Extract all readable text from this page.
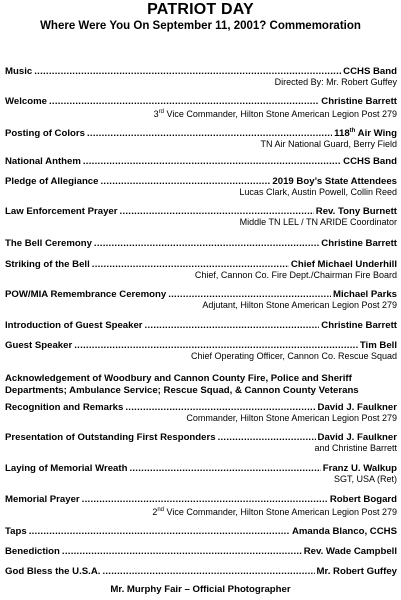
PATRIOT DAY
Where Were You On September 11, 2001? Commemoration
Music . . .	CCHS Band
Directed By: Mr. Robert Guffey
Welcome . . .	Christine Barrett
3rd Vice Commander, Hilton Stone American Legion Post 279
Posting of Colors . . .	118th Air Wing
TN Air National Guard, Berry Field
National Anthem . . .	CCHS Band
Pledge of Allegiance . . .	2019 Boy’s State Attendees
Lucas Clark, Austin Powell, Collin Reed
Law Enforcement Prayer . . .	Rev. Tony Burnett
Middle TN LEL / TN ARIDE Coordinator
The Bell Ceremony . . .	Christine Barrett
Striking of the Bell . . .	Chief Michael Underhill
Chief, Cannon Co. Fire Dept./Chairman Fire Board
POW/MIA Remembrance Ceremony . . .	Michael Parks
Adjutant, Hilton Stone American Legion Post 279
Introduction of Guest Speaker . . .	Christine Barrett
Guest Speaker . . .	Tim Bell
Chief Operating Officer, Cannon Co. Rescue Squad
Recognition and Remarks . . .	David J. Faulkner
Commander, Hilton Stone American Legion Post 279
Presentation of Outstanding First Responders . . .	David J. Faulkner
and Christine Barrett
Laying of Memorial Wreath . . .	Franz U. Walkup
SGT, USA (Ret)
Memorial Prayer . . .	Robert Bogard
2nd Vice Commander, Hilton Stone American Legion Post 279
Taps . . .	Amanda Blanco, CCHS
Benediction . . .	Rev. Wade Campbell
God Bless the U.S.A. . . .	Mr. Robert Guffey
Acknowledgement of Woodbury and Cannon County Fire, Police and Sheriff Departments; Ambulance Service; Rescue Squad, & Cannon County Veterans
Mr. Murphy Fair – Official Photographer
